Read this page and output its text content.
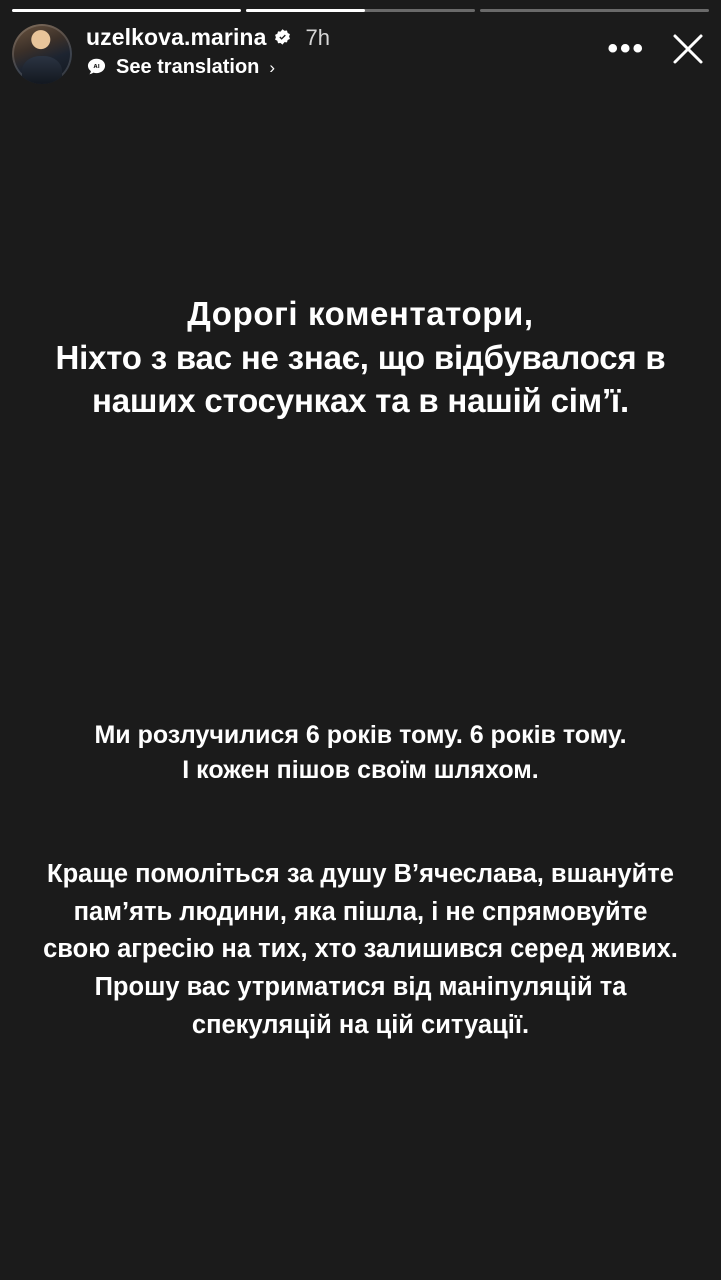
uzelkova.marina 7h
See translation ›
•••
Дорогі коментатори,
Ніхто з вас не знає, що відбувалося в
наших стосунках та в нашій сім’ї.
Ми розлучилися 6 років тому. 6 років тому.
І кожен пішов своїм шляхом.
Краще помоліться за душу В’ячеслава, вшануйте
пам’ять людини, яка пішла, і не спрямовуйте
свою агресію на тих, хто залишився серед живих.
Прошу вас утриматися від маніпуляцій та
спекуляцій на цій ситуації.
